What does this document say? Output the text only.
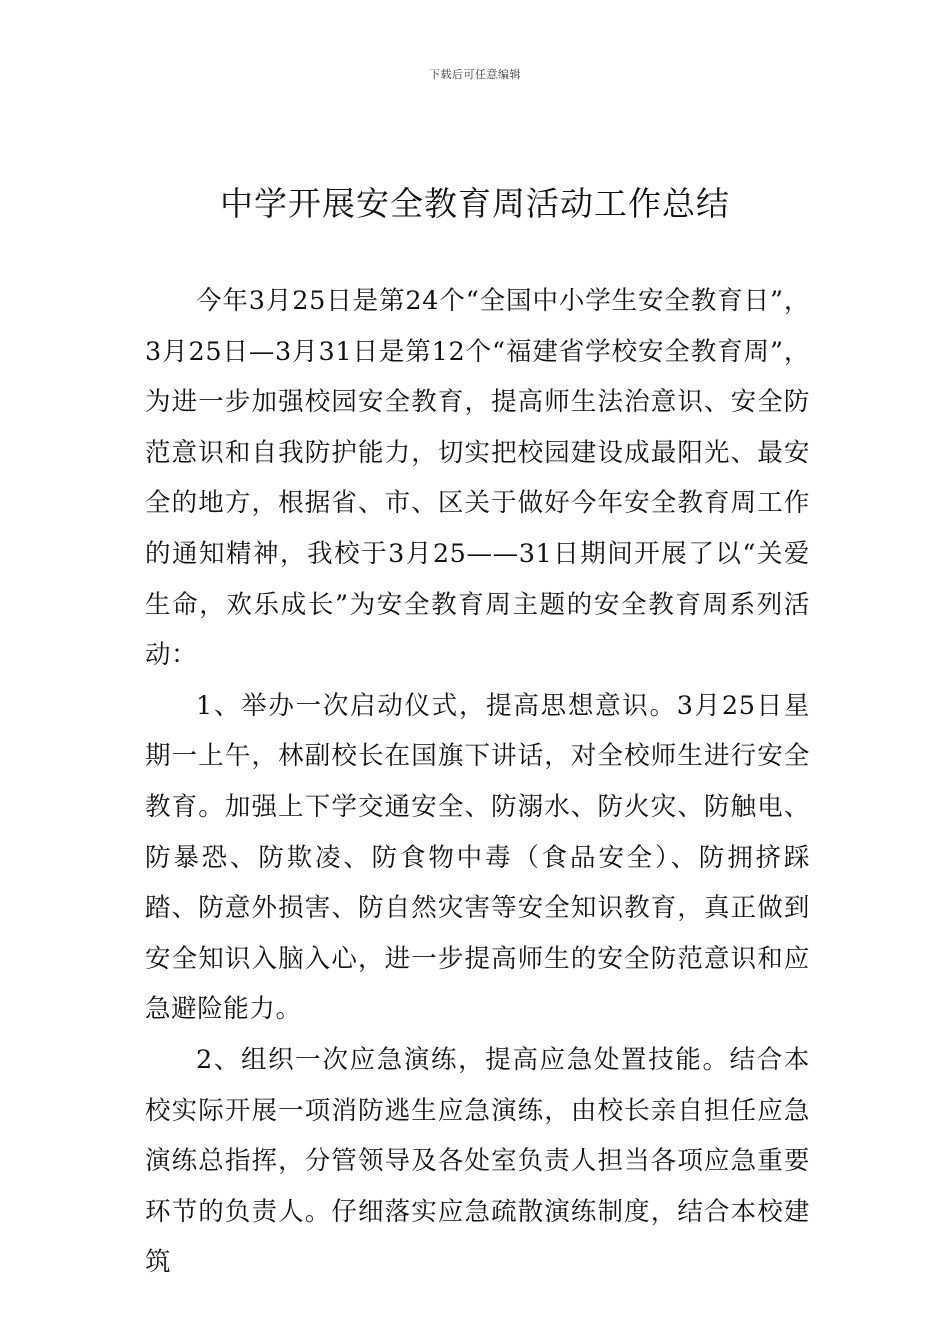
下载后可任意编辑
中学开展安全教育周活动工作总结

今年3月25日是第24个“全国中小学生安全教育日”，3月25日—3月31日是第12个“福建省学校安全教育周”，为进一步加强校园安全教育，提高师生法治意识、安全防范意识和自我防护能力，切实把校园建设成最阳光、最安全的地方，根据省、市、区关于做好今年安全教育周工作的通知精神，我校于3月25——31日期间开展了以“关爱生命，欢乐成长”为安全教育周主题的安全教育周系列活动：

1、举办一次启动仪式，提高思想意识。3月25日星期一上午，林副校长在国旗下讲话，对全校师生进行安全教育。加强上下学交通安全、防溺水、防火灾、防触电、防暴恐、防欺凌、防食物中毒（食品安全）、防拥挤踩踏、防意外损害、防自然灾害等安全知识教育，真正做到安全知识入脑入心，进一步提高师生的安全防范意识和应急避险能力。

2、组织一次应急演练，提高应急处置技能。结合本校实际开展一项消防逃生应急演练，由校长亲自担任应急演练总指挥，分管领导及各处室负责人担当各项应急重要环节的负责人。仔细落实应急疏散演练制度，结合本校建筑
